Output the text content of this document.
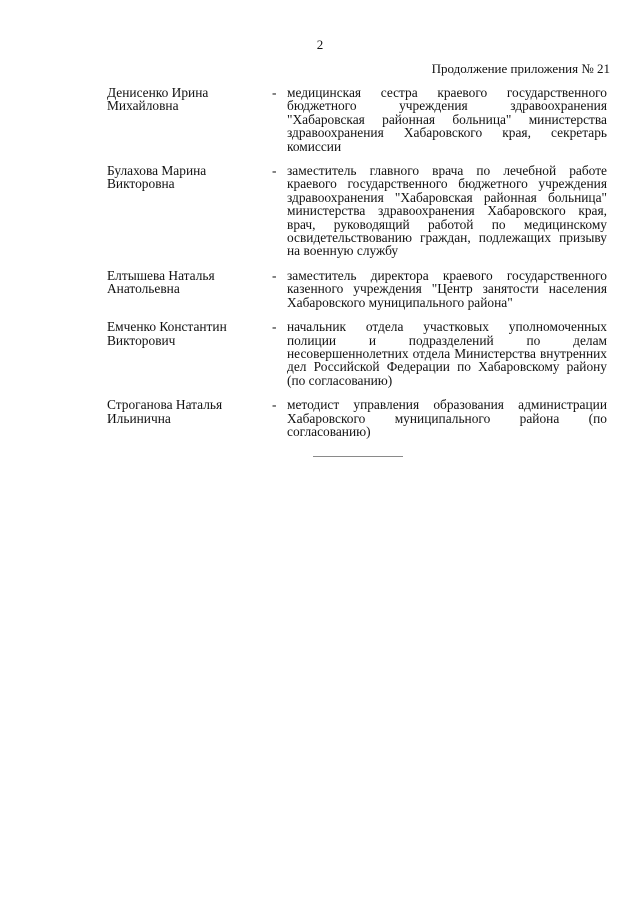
2
Продолжение приложения № 21
Денисенко Ирина
Михайловна
- медицинская сестра краевого государственного бюджетного учреждения здравоохранения "Хабаровская районная больница" министерства здравоохранения Хабаровского края, секретарь комиссии
Булахова Марина
Викторовна
- заместитель главного врача по лечебной работе краевого государственного бюджетного учреждения здравоохранения "Хабаровская районная больница" министерства здравоохранения Хабаровского края, врач, руководящий работой по медицинскому освидетельствованию граждан, подлежащих призыву на военную службу
Елтышева Наталья
Анатольевна
- заместитель директора краевого государственного казенного учреждения "Центр занятости населения Хабаровского муниципального района"
Емченко Константин
Викторович
- начальник отдела участковых уполномоченных полиции и подразделений по делам несовершеннолетних отдела Министерства внутренних дел Российской Федерации по Хабаровскому району (по согласованию)
Строганова Наталья
Ильинична
- методист управления образования администрации Хабаровского муниципального района (по согласованию)
